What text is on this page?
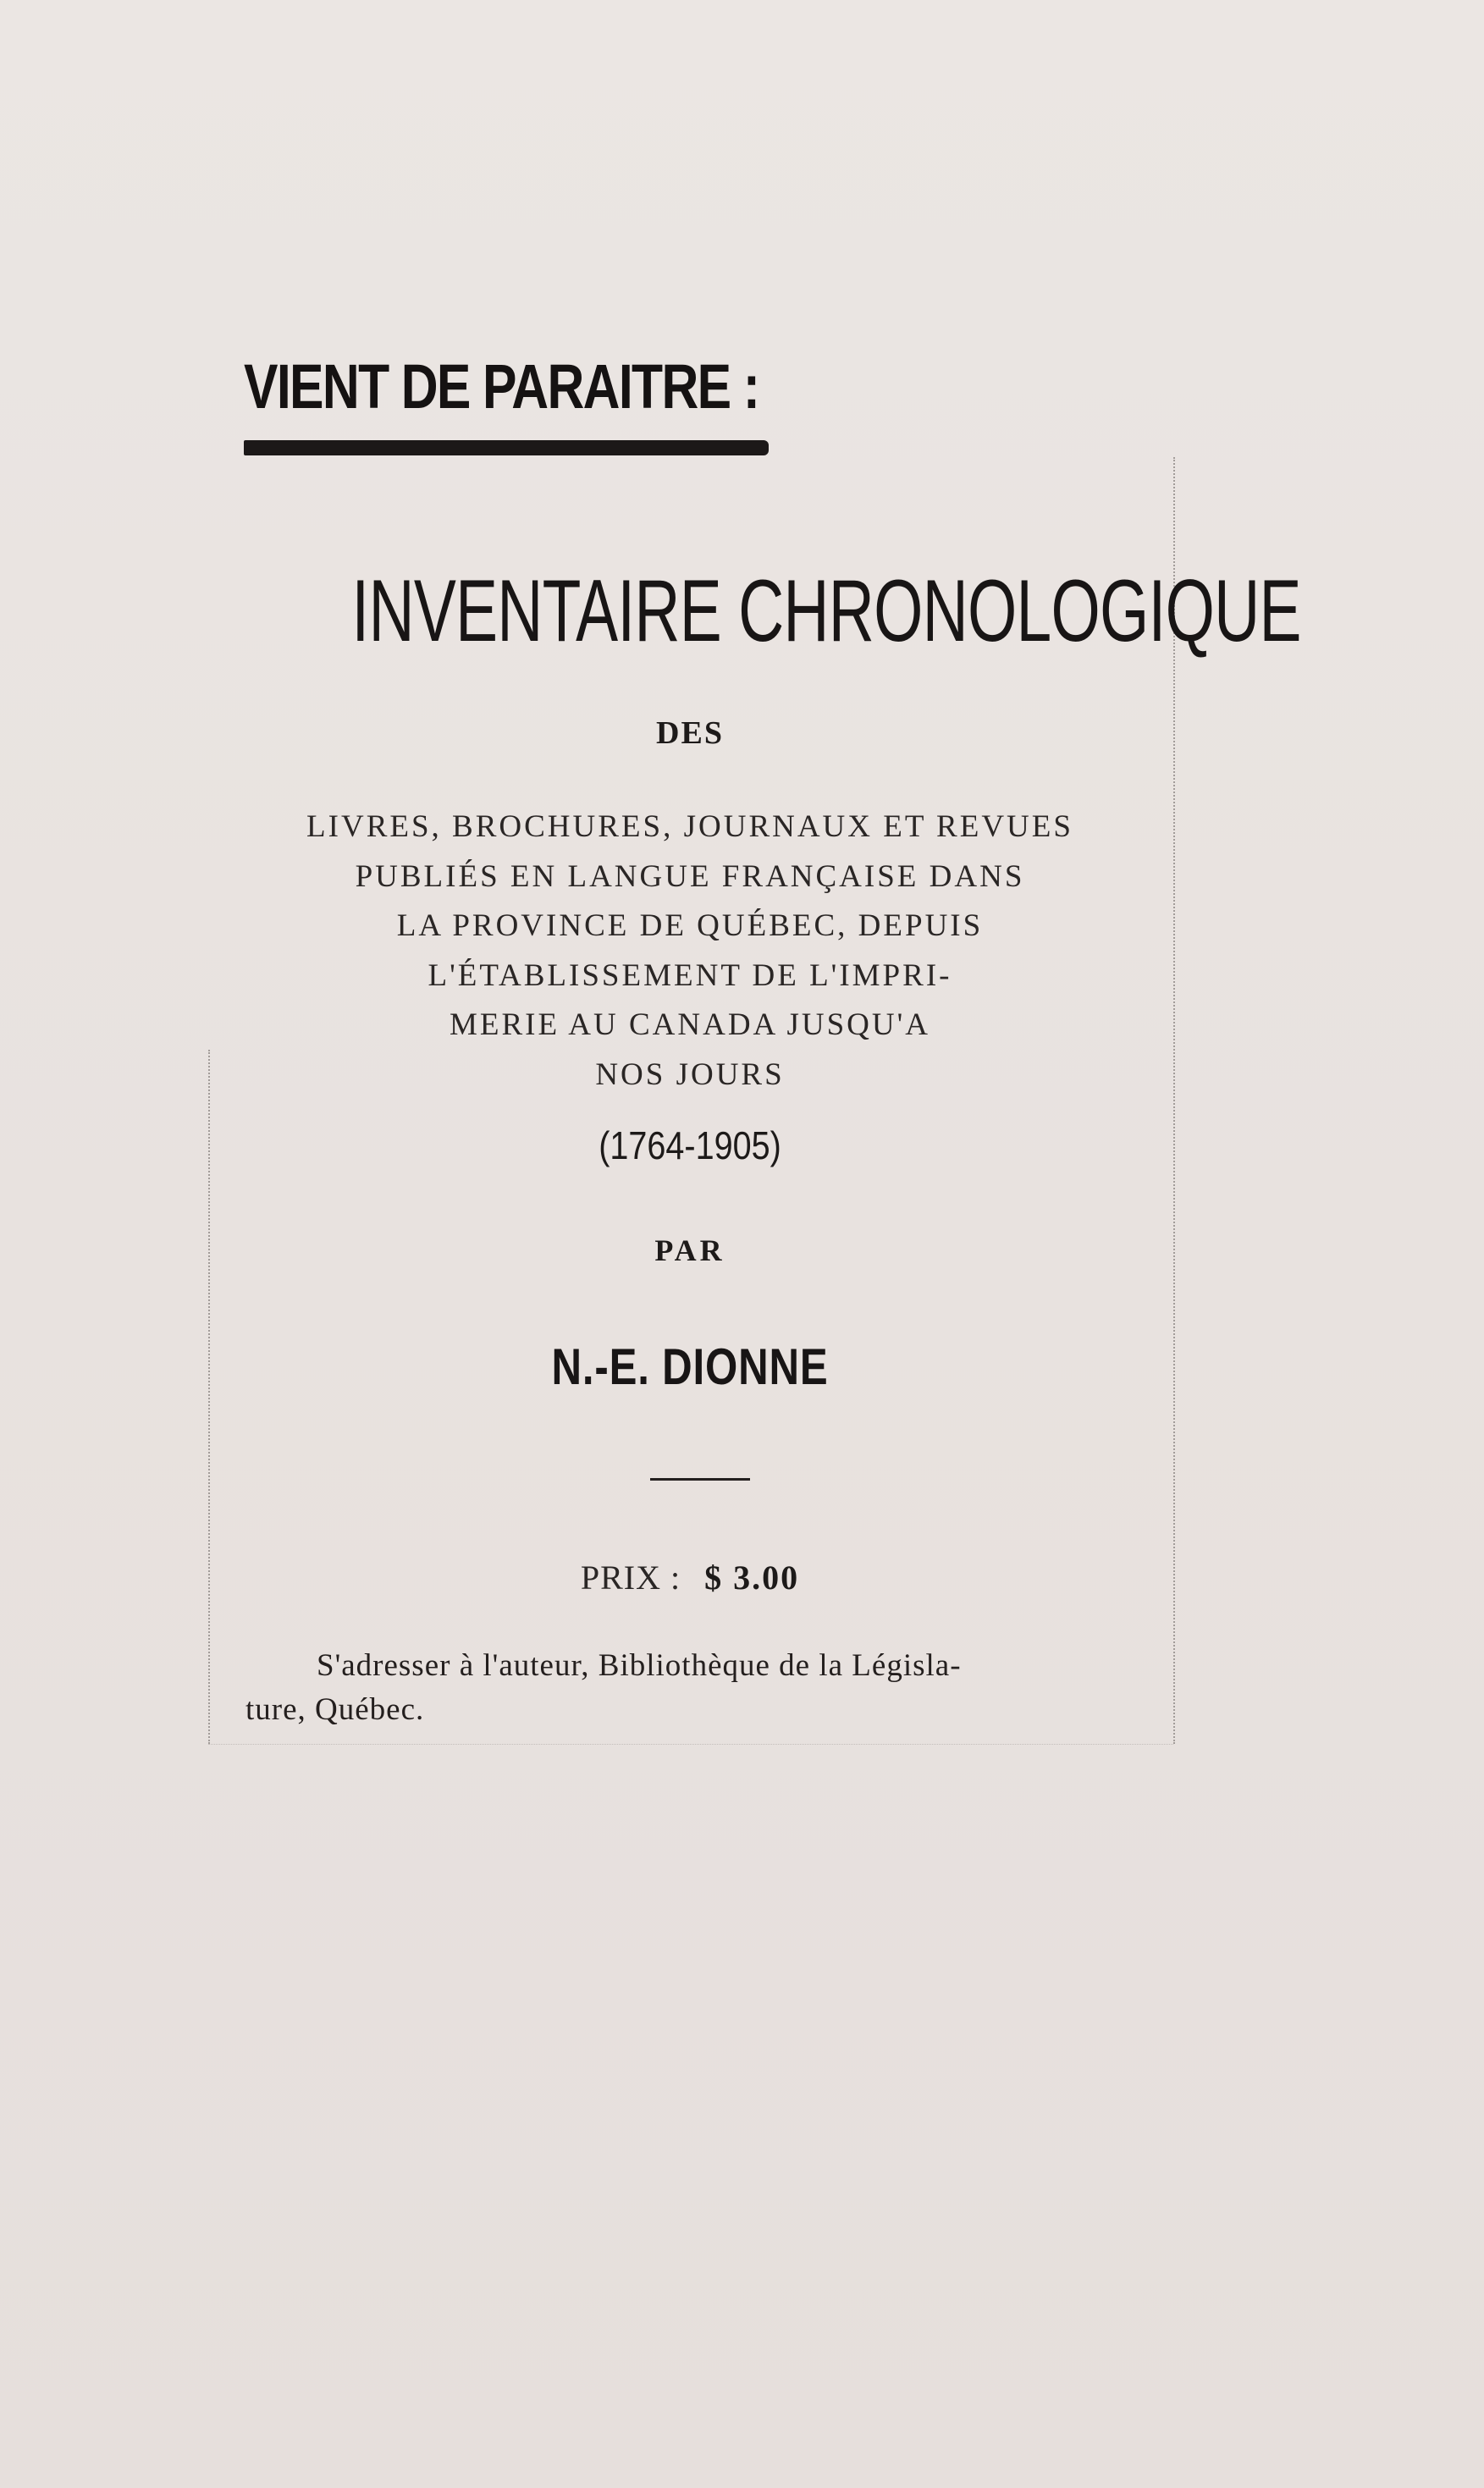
VIENT DE PARAITRE :
INVENTAIRE CHRONOLOGIQUE
DES
LIVRES, BROCHURES, JOURNAUX ET REVUES
PUBLIÉS EN LANGUE FRANÇAISE DANS
LA PROVINCE DE QUÉBEC, DEPUIS
L'ÉTABLISSEMENT DE L'IMPRI-
MERIE AU CANADA JUSQU'A
NOS JOURS
(1764-1905)
PAR
N.-E. DIONNE
PRIX : $ 3.00
S'adresser à l'auteur, Bibliothèque de la Législa-
ture, Québec.
